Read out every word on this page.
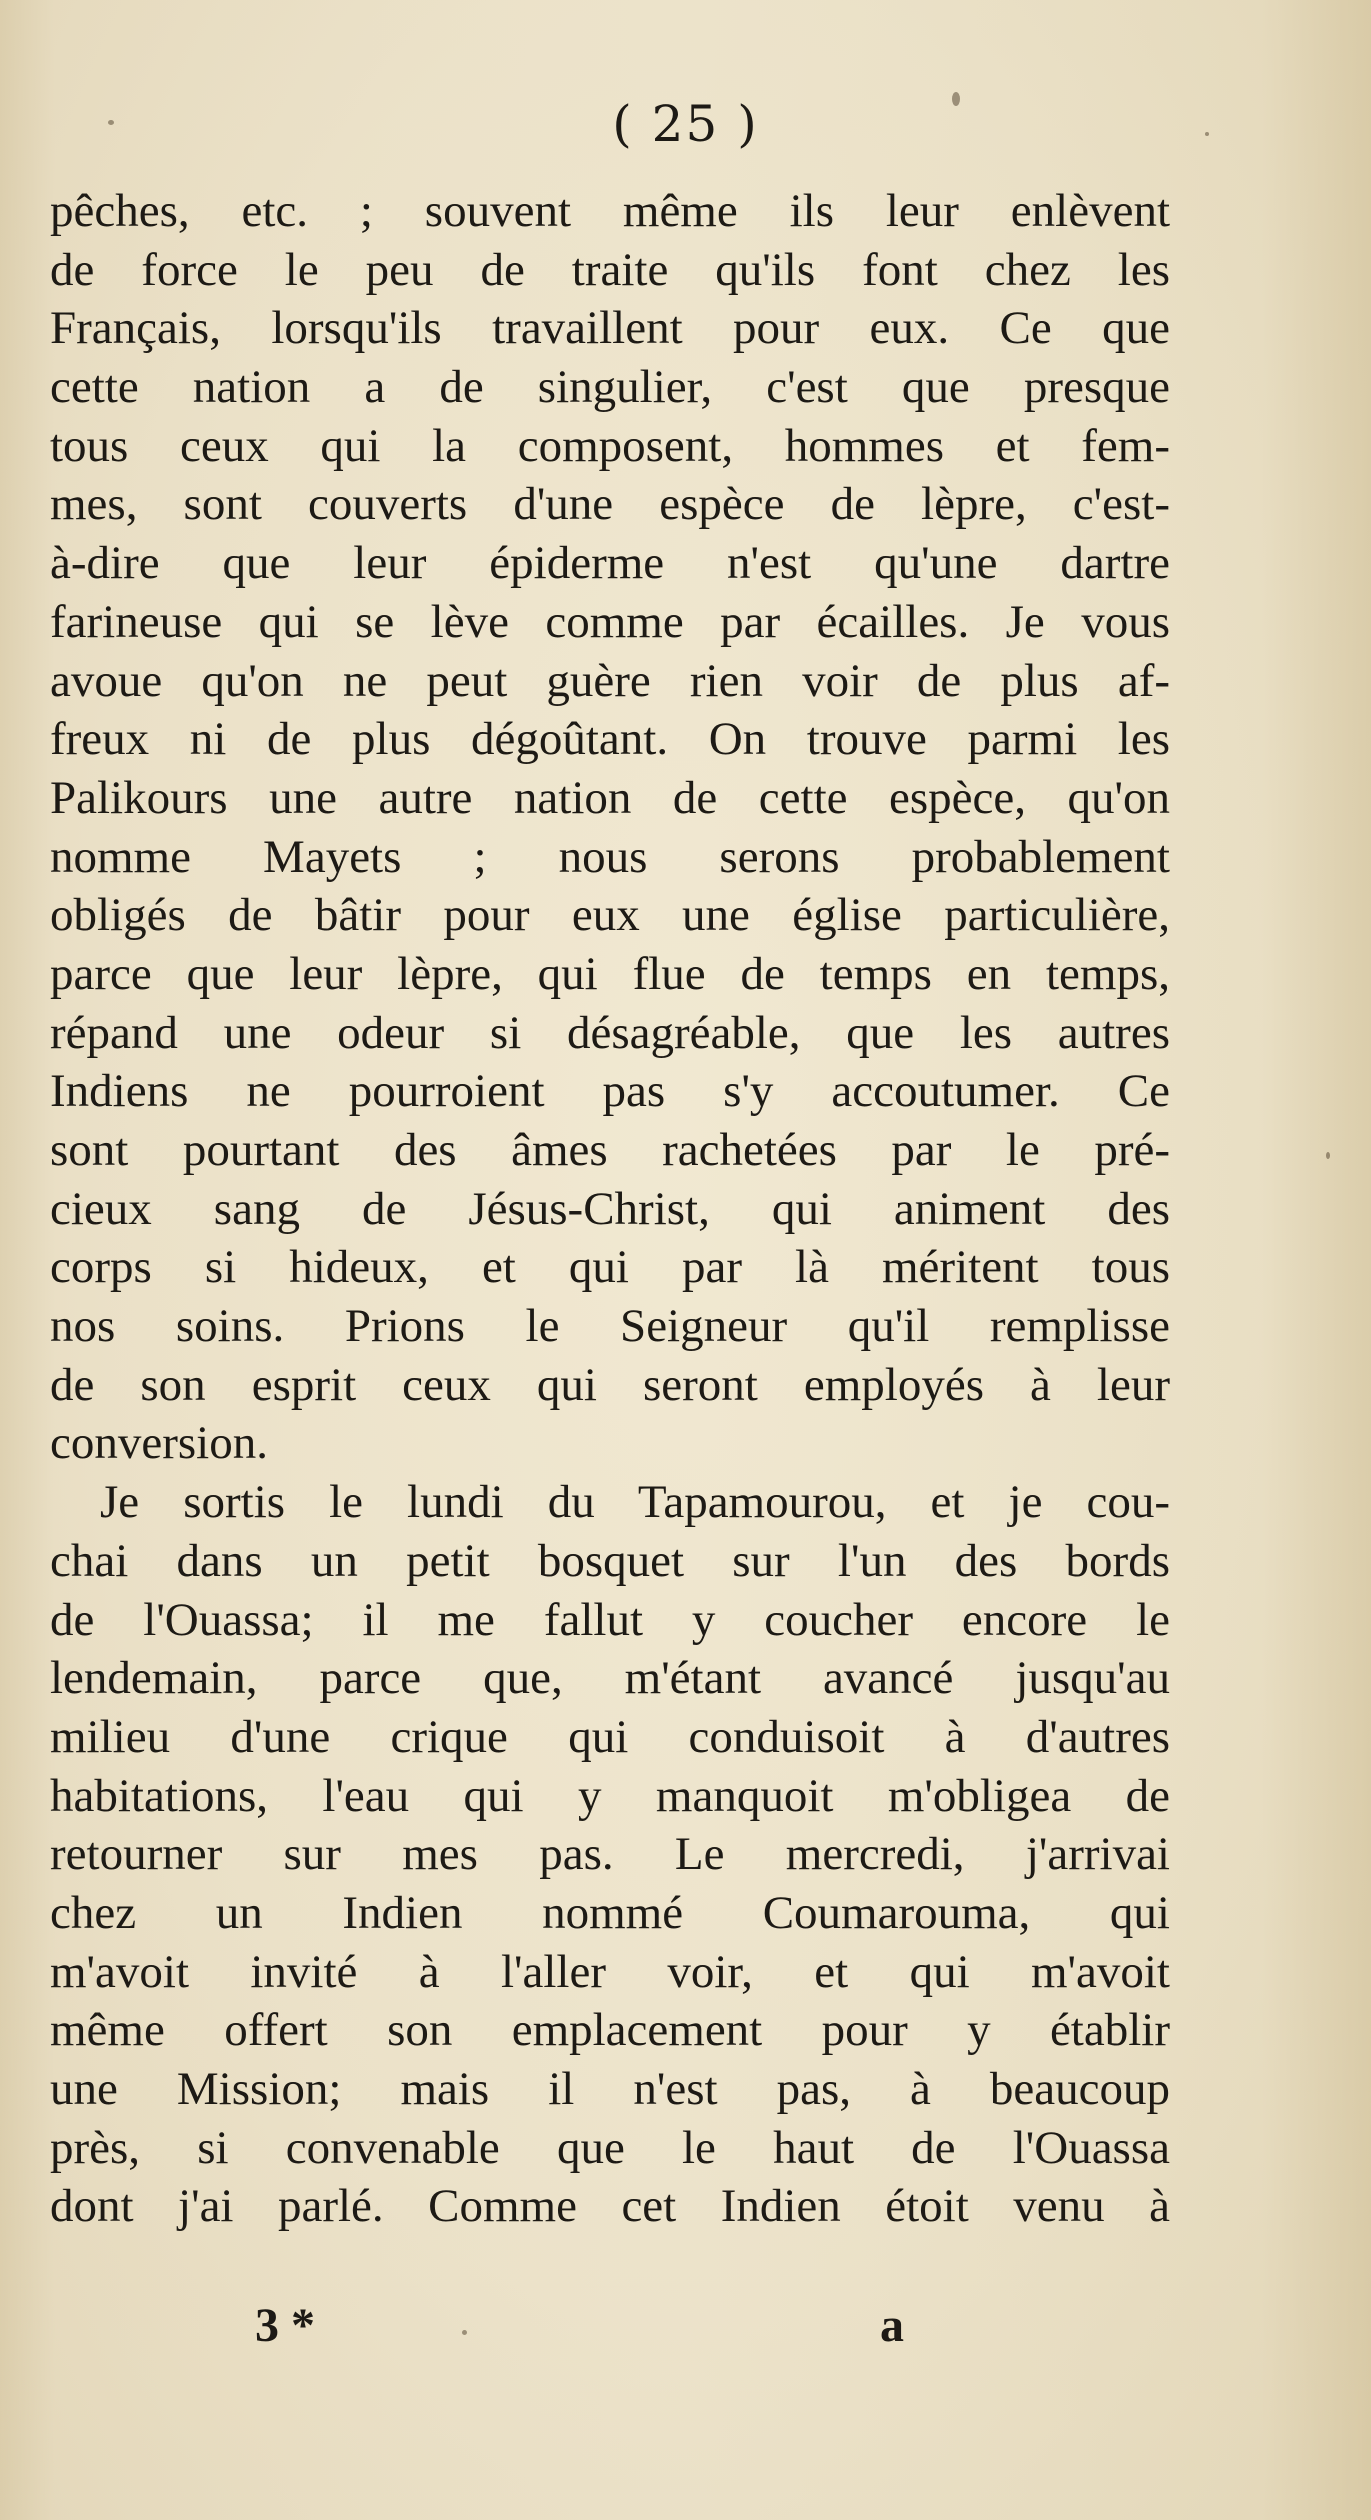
( 25 )
pêches, etc. ; souvent même ils leur enlèvent
de force le peu de traite qu'ils font chez les
Français, lorsqu'ils travaillent pour eux. Ce que
cette nation a de singulier, c'est que presque
tous ceux qui la composent, hommes et fem-
mes, sont couverts d'une espèce de lèpre, c'est-
à-dire que leur épiderme n'est qu'une dartre
farineuse qui se lève comme par écailles. Je vous
avoue qu'on ne peut guère rien voir de plus af-
freux ni de plus dégoûtant. On trouve parmi les
Palikours une autre nation de cette espèce, qu'on
nomme Mayets ; nous serons probablement
obligés de bâtir pour eux une église particulière,
parce que leur lèpre, qui flue de temps en temps,
répand une odeur si désagréable, que les autres
Indiens ne pourroient pas s'y accoutumer. Ce
sont pourtant des âmes rachetées par le pré-
cieux sang de Jésus-Christ, qui animent des
corps si hideux, et qui par là méritent tous
nos soins. Prions le Seigneur qu'il remplisse
de son esprit ceux qui seront employés à leur
conversion.
Je sortis le lundi du Tapamourou, et je cou-
chai dans un petit bosquet sur l'un des bords
de l'Ouassa; il me fallut y coucher encore le
lendemain, parce que, m'étant avancé jusqu'au
milieu d'une crique qui conduisoit à d'autres
habitations, l'eau qui y manquoit m'obligea de
retourner sur mes pas. Le mercredi, j'arrivai
chez un Indien nommé Coumarouma, qui
m'avoit invité à l'aller voir, et qui m'avoit
même offert son emplacement pour y établir
une Mission; mais il n'est pas, à beaucoup
près, si convenable que le haut de l'Ouassa
dont j'ai parlé. Comme cet Indien étoit venu à
3 *	a
